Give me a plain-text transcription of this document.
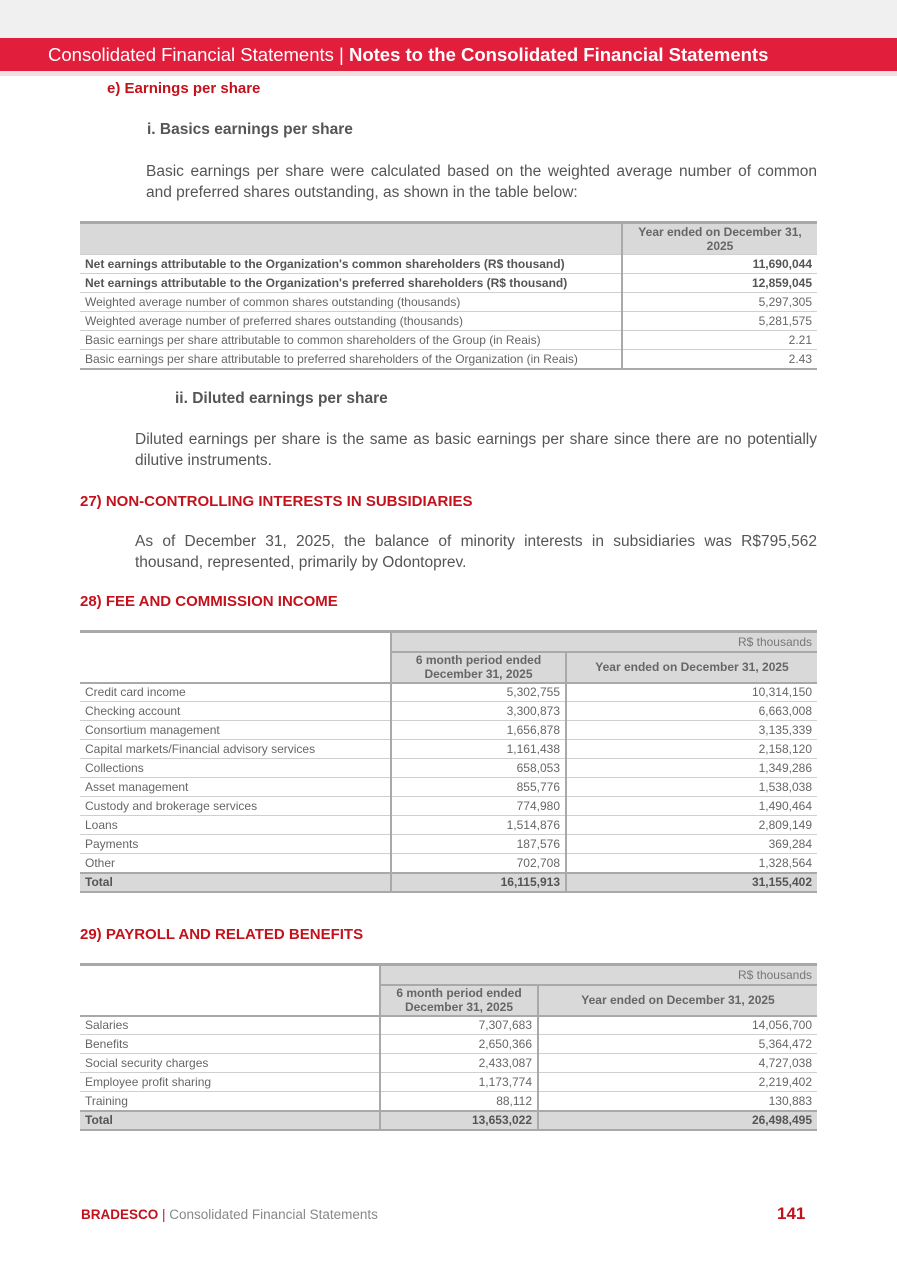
Consolidated Financial Statements | Notes to the Consolidated Financial Statements
e) Earnings per share
i. Basics earnings per share
Basic earnings per share were calculated based on the weighted average number of common and preferred shares outstanding, as shown in the table below:
	Year ended on December 31, 2025
Net earnings attributable to the Organization's common shareholders (R$ thousand)	11,690,044
Net earnings attributable to the Organization's preferred shareholders (R$ thousand)	12,859,045
Weighted average number of common shares outstanding (thousands)	5,297,305
Weighted average number of preferred shares outstanding (thousands)	5,281,575
Basic earnings per share attributable to common shareholders of the Group (in Reais)	2.21
Basic earnings per share attributable to preferred shareholders of the Organization (in Reais)	2.43
ii. Diluted earnings per share
Diluted earnings per share is the same as basic earnings per share since there are no potentially dilutive instruments.
27) NON-CONTROLLING INTERESTS IN SUBSIDIARIES
As of December 31, 2025, the balance of minority interests in subsidiaries was R$795,562 thousand, represented, primarily by Odontoprev.
28) FEE AND COMMISSION INCOME
	R$ thousands	
	6 month period ended December 31, 2025	Year ended on December 31, 2025
Credit card income	5,302,755	10,314,150
Checking account	3,300,873	6,663,008
Consortium management	1,656,878	3,135,339
Capital markets/Financial advisory services	1,161,438	2,158,120
Collections	658,053	1,349,286
Asset management	855,776	1,538,038
Custody and brokerage services	774,980	1,490,464
Loans	1,514,876	2,809,149
Payments	187,576	369,284
Other	702,708	1,328,564
Total	16,115,913	31,155,402
29) PAYROLL AND RELATED BENEFITS
	R$ thousands	
	6 month period ended December 31, 2025	Year ended on December 31, 2025
Salaries	7,307,683	14,056,700
Benefits	2,650,366	5,364,472
Social security charges	2,433,087	4,727,038
Employee profit sharing	1,173,774	2,219,402
Training	88,112	130,883
Total	13,653,022	26,498,495
BRADESCO | Consolidated Financial Statements	141
